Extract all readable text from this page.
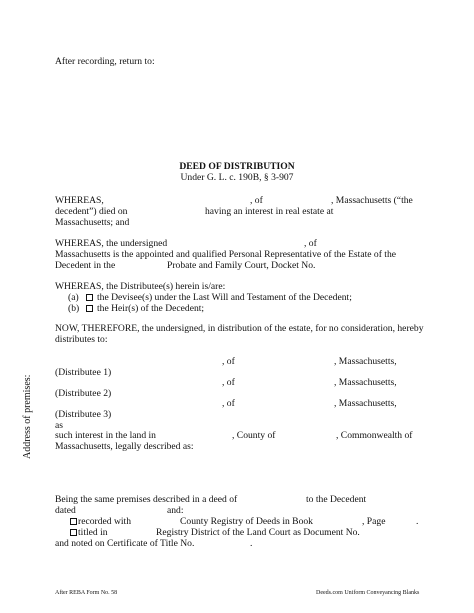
After recording, return to:
DEED OF DISTRIBUTION
Under G. L. c. 190B, § 3-907
WHEREAS,	, of	, Massachusetts (“the
decedent”) died on	having an interest in real estate at
Massachusetts; and
WHEREAS, the undersigned	, of
Massachusetts is the appointed and qualified Personal Representative of the Estate of the
Decedent in the	Probate and Family Court, Docket No.
WHEREAS, the Distributee(s) herein is/are:
(a) the Devisee(s) under the Last Will and Testament of the Decedent;
(b) the Heir(s) of the Decedent;
NOW, THEREFORE, the undersigned, in distribution of the estate, for no consideration, hereby
distributes to:
, of	, Massachusetts,
(Distributee 1)
, of	, Massachusetts,
(Distributee 2)
, of	, Massachusetts,
(Distributee 3)
as
such interest in the land in	, County of	, Commonwealth of
Massachusetts, legally described as:
Being the same premises described in a deed of	to the Decedent
dated	and:
recorded with	County Registry of Deeds in Book	, Page	.
titled in	Registry District of the Land Court as Document No.
and noted on Certificate of Title No.	.
Address of premises:
After REBA Form No. 58	Deeds.com Uniform Conveyancing Blanks
